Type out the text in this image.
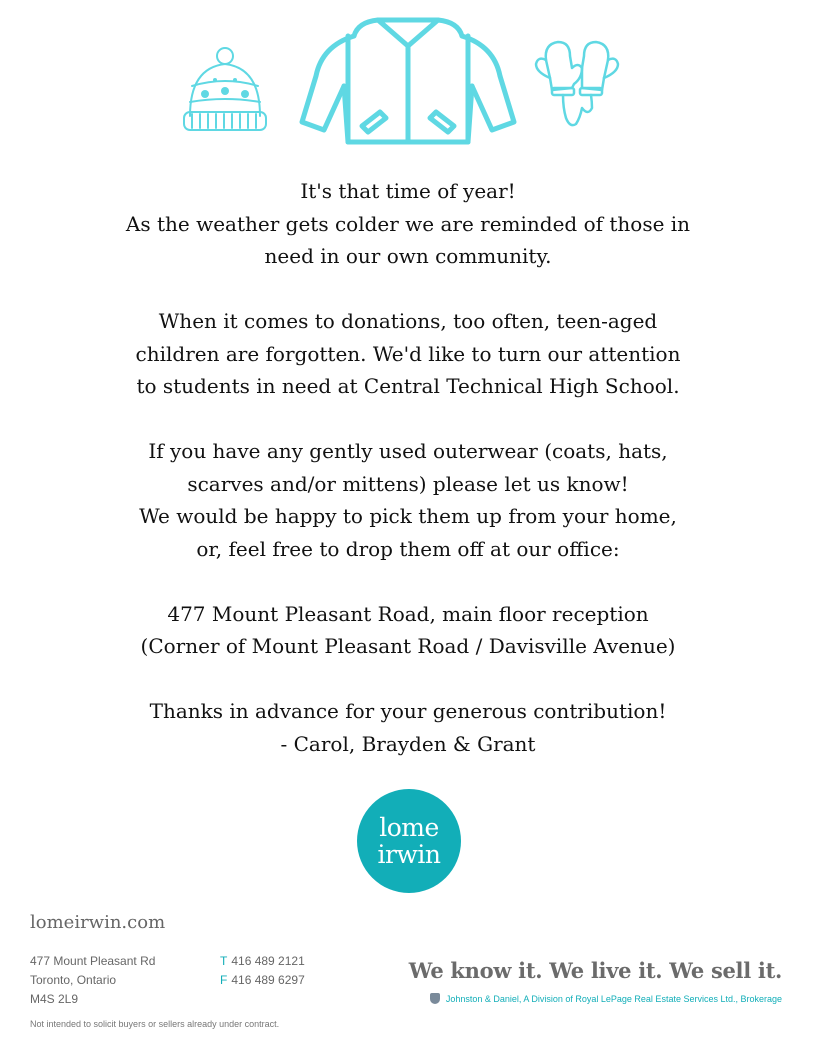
It's that time of year!
As the weather gets colder we are reminded of those in
need in our own community.

When it comes to donations, too often, teen-aged
children are forgotten. We'd like to turn our attention
to students in need at Central Technical High School.

If you have any gently used outerwear (coats, hats,
scarves and/or mittens) please let us know!
We would be happy to pick them up from your home,
or, feel free to drop them off at our office:

477 Mount Pleasant Road, main floor reception
(Corner of Mount Pleasant Road / Davisville Avenue)

Thanks in advance for your generous contribution!
- Carol, Brayden & Grant

lome
irwin
lomeirwin.com
477 Mount Pleasant Rd
Toronto, Ontario
M4S 2L9
T 416 489 2121
F 416 489 6297
Not intended to solicit buyers or sellers already under contract.
We know it. We live it. We sell it.
Johnston & Daniel, A Division of Royal LePage Real Estate Services Ltd., Brokerage
